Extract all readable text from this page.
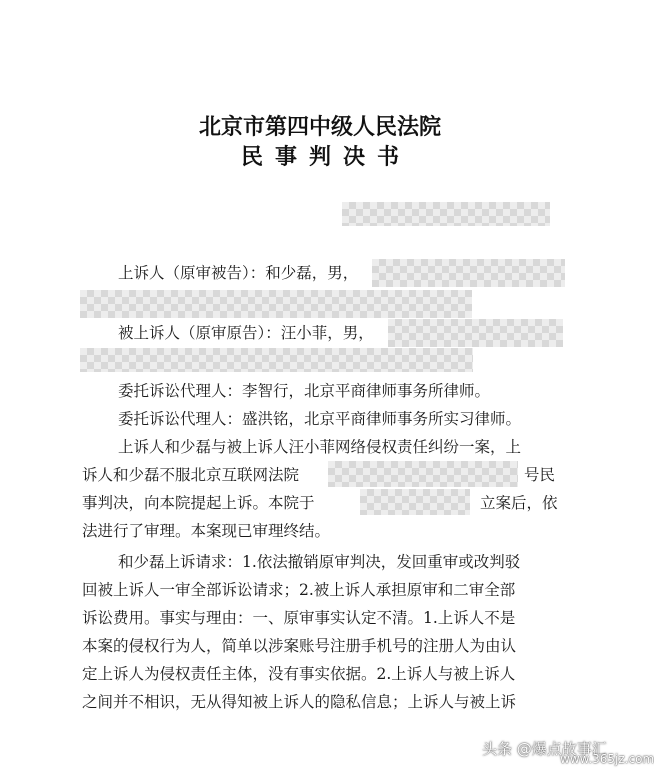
北京市第四中级人民法院
民事判决书
上诉人（原审被告）：和少磊，男，
被上诉人（原审原告）：汪小菲，男，
委托诉讼代理人：李智行，北京平商律师事务所律师。
委托诉讼代理人：盛洪铭，北京平商律师事务所实习律师。
上诉人和少磊与被上诉人汪小菲网络侵权责任纠纷一案，上
诉人和少磊不服北京互联网法院	号民
事判决，向本院提起上诉。本院于	立案后，依
法进行了审理。本案现已审理终结。
和少磊上诉请求：1.依法撤销原审判决，发回重审或改判驳
回被上诉人一审全部诉讼请求；2.被上诉人承担原审和二审全部
诉讼费用。事实与理由：一、原审事实认定不清。1.上诉人不是
本案的侵权行为人，简单以涉案账号注册手机号的注册人为由认
定上诉人为侵权责任主体，没有事实依据。2.上诉人与被上诉人
之间并不相识，无从得知被上诉人的隐私信息；上诉人与被上诉
头条 @爆点故事汇
www.365jz.com
